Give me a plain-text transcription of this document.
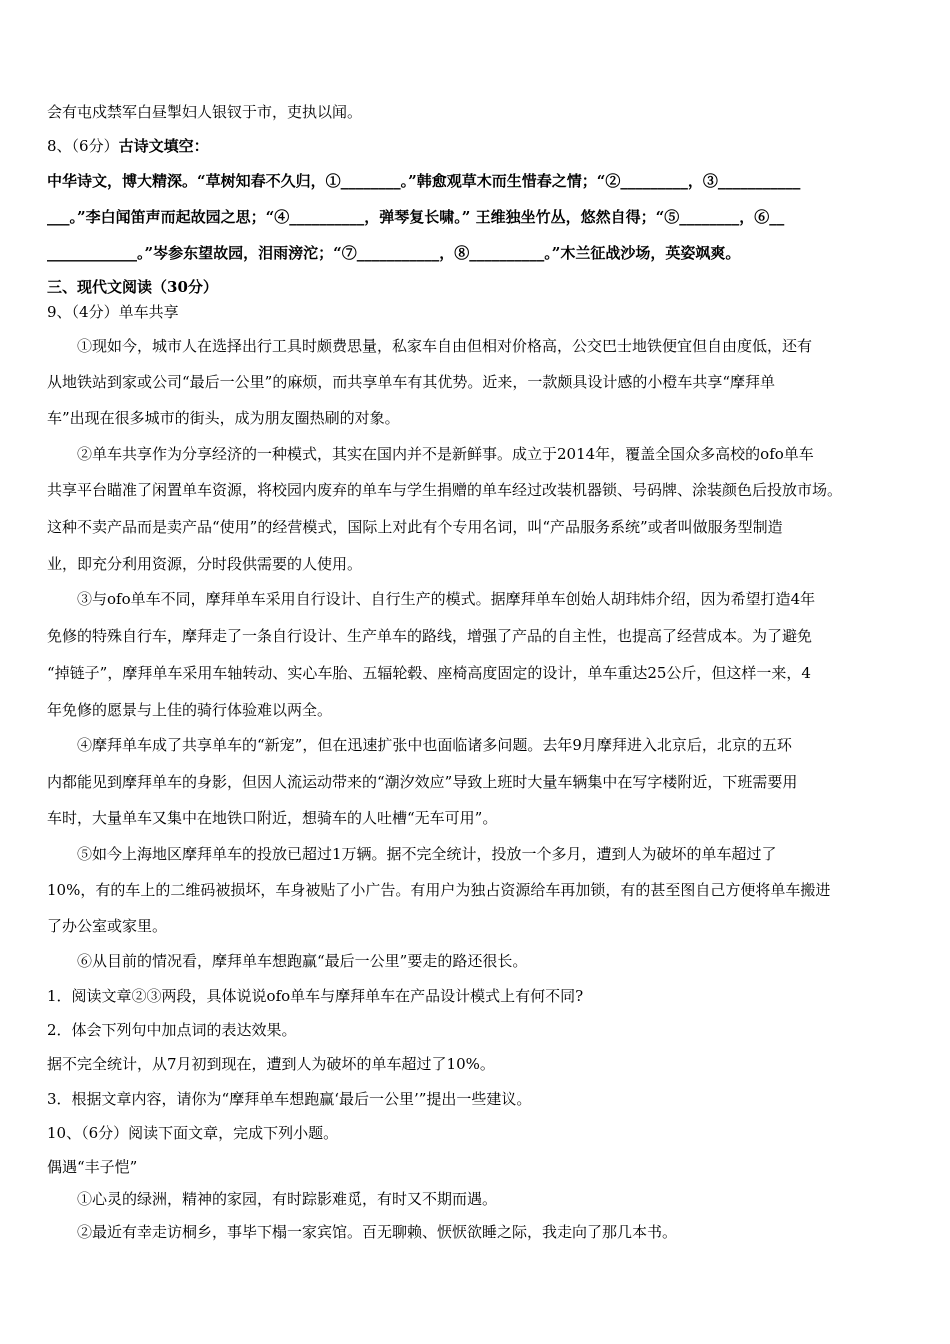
会有屯戍禁军白昼掣妇人银钗于市，吏执以闻。
8、（6分）古诗文填空：
中华诗文，博大精深。“草树知春不久归，①________。”韩愈观草木而生惜春之情；“②_________，③___________
___。”李白闻笛声而起故园之思；“④__________，弹琴复长啸。” 王维独坐竹丛，悠然自得；“⑤________，⑥__
____________。”岑参东望故园，泪雨滂沱；“⑦___________，⑧__________。”木兰征战沙场，英姿飒爽。
三、现代文阅读（30分）
9、（4分）单车共享
①现如今，城市人在选择出行工具时颇费思量，私家车自由但相对价格高，公交巴士地铁便宜但自由度低，还有
从地铁站到家或公司“最后一公里”的麻烦，而共享单车有其优势。近来，一款颇具设计感的小橙车共享“摩拜单
车”出现在很多城市的街头，成为朋友圈热刷的对象。
②单车共享作为分享经济的一种模式，其实在国内并不是新鲜事。成立于2014年，覆盖全国众多高校的ofo单车
共享平台瞄准了闲置单车资源，将校园内废弃的单车与学生捐赠的单车经过改装机器锁、号码牌、涂装颜色后投放市场。
这种不卖产品而是卖产品“使用”的经营模式，国际上对此有个专用名词，叫“产品服务系统”或者叫做服务型制造
业，即充分利用资源，分时段供需要的人使用。
③与ofo单车不同，摩拜单车采用自行设计、自行生产的模式。据摩拜单车创始人胡玮炜介绍，因为希望打造4年
免修的特殊自行车，摩拜走了一条自行设计、生产单车的路线，增强了产品的自主性，也提高了经营成本。为了避免
“掉链子”，摩拜单车采用车轴转动、实心车胎、五辐轮毂、座椅高度固定的设计，单车重达25公斤，但这样一来，4
年免修的愿景与上佳的骑行体验难以两全。
④摩拜单车成了共享单车的“新宠”，但在迅速扩张中也面临诸多问题。去年9月摩拜进入北京后，北京的五环
内都能见到摩拜单车的身影，但因人流运动带来的“潮汐效应”导致上班时大量车辆集中在写字楼附近，下班需要用
车时，大量单车又集中在地铁口附近，想骑车的人吐槽“无车可用”。
⑤如今上海地区摩拜单车的投放已超过1万辆。据不完全统计，投放一个多月，遭到人为破坏的单车超过了
10%，有的车上的二维码被损坏，车身被贴了小广告。有用户为独占资源给车再加锁，有的甚至图自己方便将单车搬进
了办公室或家里。
⑥从目前的情况看，摩拜单车想跑赢“最后一公里”要走的路还很长。
1．阅读文章②③两段，具体说说ofo单车与摩拜单车在产品设计模式上有何不同?
2．体会下列句中加点词的表达效果。
据不完全统计，从7月初到现在，遭到人为破坏的单车超过了10%。
3．根据文章内容，请你为“摩拜单车想跑赢‘最后一公里’”提出一些建议。
10、（6分）阅读下面文章，完成下列小题。
偶遇“丰子恺”
①心灵的绿洲，精神的家园，有时踪影难觅，有时又不期而遇。
②最近有幸走访桐乡，事毕下榻一家宾馆。百无聊赖、恹恹欲睡之际，我走向了那几本书。
